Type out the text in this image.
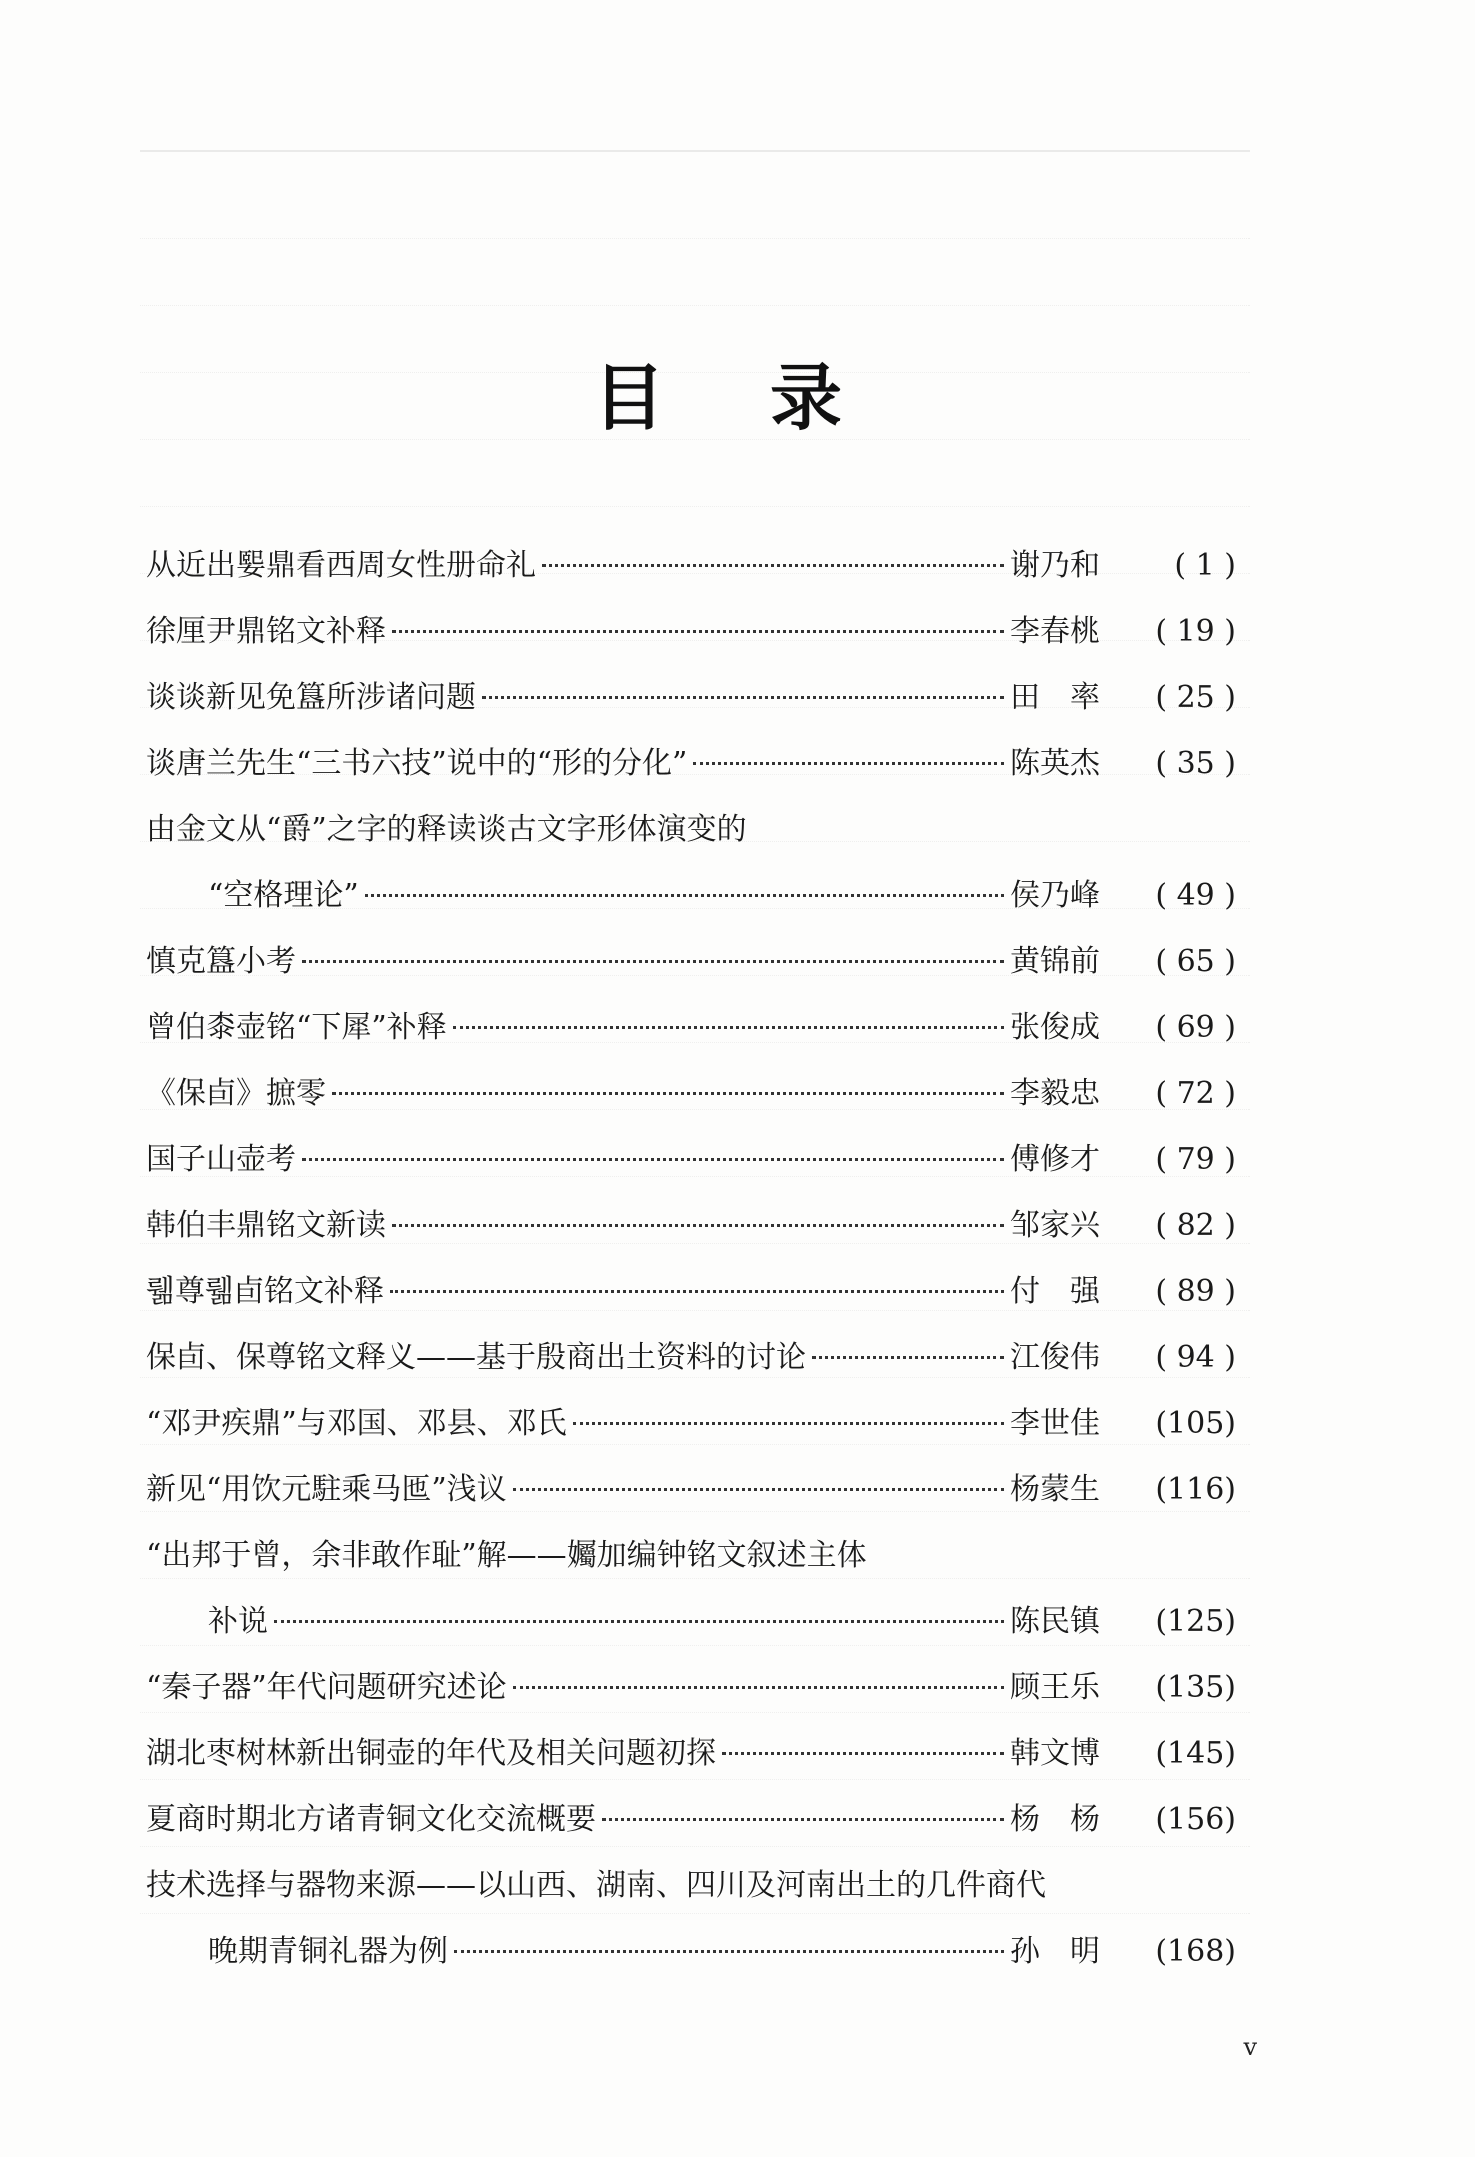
目 录
从近出媐鼎看西周女性册命礼	谢乃和	( 1 )
徐厘尹鼎铭文补释	李春桃	( 19 )
谈谈新见免簋所涉诸问题	田　率	( 25 )
谈唐兰先生“三书六技”说中的“形的分化”	陈英杰	( 35 )
由金文从“爵”之字的释读谈古文字形体演变的
“空格理论”	侯乃峰	( 49 )
慎克簋小考	黄锦前	( 65 )
曾伯桼壶铭“下犀”补释	张俊成	( 69 )
《保卣》摭零	李毅忠	( 72 )
国子山壶考	傅修才	( 79 )
韩伯丰鼎铭文新读	邹家兴	( 82 )
뤪尊뤪卣铭文补释	付　强	( 89 )
保卣、保尊铭文释义——基于殷商出土资料的讨论	江俊伟	( 94 )
“邓尹疾鼎”与邓国、邓县、邓氏	李世佳	(105)
新见“用饮元駐乘马匜”浅议	杨蒙生	(116)
“出邦于曾，余非敢作耻”解——孎加编钟铭文叙述主体
补说	陈民镇	(125)
“秦子器”年代问题研究述论	顾王乐	(135)
湖北枣树林新出铜壶的年代及相关问题初探	韩文博	(145)
夏商时期北方诸青铜文化交流概要	杨　杨	(156)
技术选择与器物来源——以山西、湖南、四川及河南出土的几件商代
晚期青铜礼器为例	孙　明	(168)
v
